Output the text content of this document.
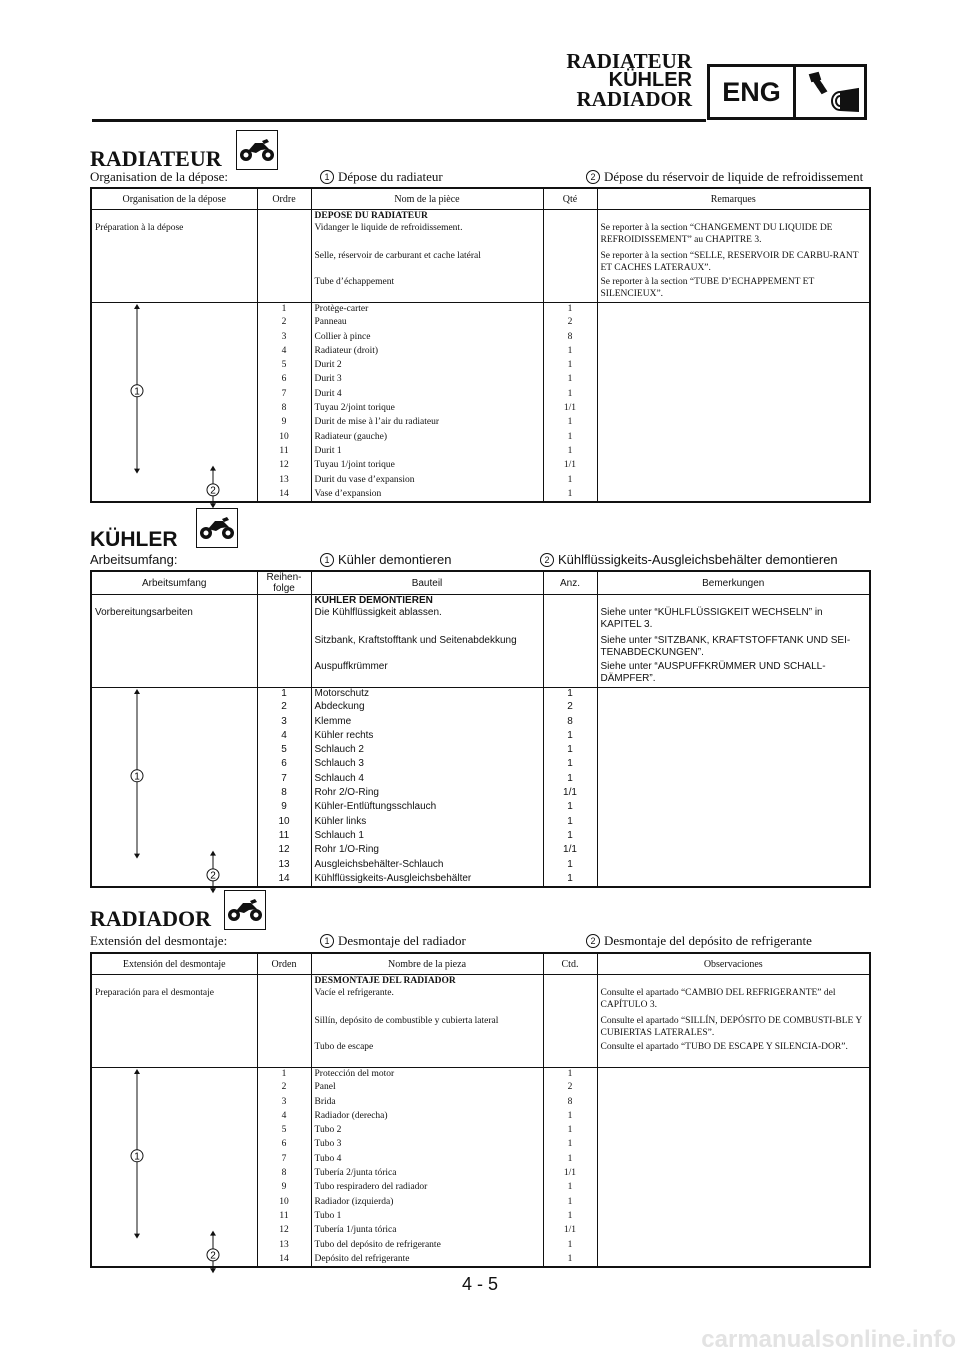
RADIATEUR
KÜHLER
RADIADOR	ENG
RADIATEUR
Organisation de la dépose:	1 Dépose du radiateur	2 Dépose du réservoir de liquide de refroidissement
Organisation de la dépose	Ordre	Nom de la pièce	Qté	Remarques
		DEPOSE DU RADIATEUR		
Préparation à la dépose		Vidanger le liquide de refroidissement.		Se reporter à la section “CHANGEMENT DU LIQUIDE DE REFROIDISSEMENT” au CHAPITRE 3.
		Selle, réservoir de carburant et cache latéral		Se reporter à la section “SELLE, RESERVOIR DE CARBU-RANT ET CACHES LATERAUX”.
		Tube d’échappement		Se reporter à la section “TUBE D’ECHAPPEMENT ET SILENCIEUX”.

1
2	1	Protège-carter	1	
	2	Panneau	2	
	3	Collier à pince	8	
	4	Radiateur (droit)	1	
	5	Durit 2	1	
	6	Durit 3	1	
	7	Durit 4	1	
	8	Tuyau 2/joint torique	1/1	
	9	Durit de mise à l’air du radiateur	1	
	10	Radiateur (gauche)	1	
	11	Durit 1	1	
	12	Tuyau 1/joint torique	1/1	
	13	Durit du vase d’expansion	1	
	14	Vase d’expansion	1	
KÜHLER
Arbeitsumfang:	1 Kühler demontieren	2 Kühlflüssigkeits-Ausgleichsbehälter demontieren
Arbeitsumfang	Reihen-folge	Bauteil	Anz.	Bemerkungen
		KÜHLER DEMONTIEREN		
Vorbereitungsarbeiten		Die Kühlflüssigkeit ablassen.		Siehe unter “KÜHLFLÜSSIGKEIT WECHSELN” in KAPITEL 3.
		Sitzbank, Kraftstofftank und Seitenabdekkung		Siehe unter “SITZBANK, KRAFTSTOFFTANK UND SEI-TENABDECKUNGEN”.
		Auspuffkrümmer		Siehe unter “AUSPUFFKRÜMMER UND SCHALL-DÄMPFER”.

1
2	1	Motorschutz	1	
	2	Abdeckung	2	
	3	Klemme	8	
	4	Kühler rechts	1	
	5	Schlauch 2	1	
	6	Schlauch 3	1	
	7	Schlauch 4	1	
	8	Rohr 2/O-Ring	1/1	
	9	Kühler-Entlüftungsschlauch	1	
	10	Kühler links	1	
	11	Schlauch 1	1	
	12	Rohr 1/O-Ring	1/1	
	13	Ausgleichsbehälter-Schlauch	1	
	14	Kühlflüssigkeits-Ausgleichsbehälter	1	
RADIADOR
Extensión del desmontaje:	1 Desmontaje del radiador	2 Desmontaje del depósito de refrigerante
Extensión del desmontaje	Orden	Nombre de la pieza	Ctd.	Observaciones
		DESMONTAJE DEL RADIADOR		
Preparación para el desmontaje		Vacíe el refrigerante.		Consulte el apartado “CAMBIO DEL REFRIGERANTE” del CAPÍTULO 3.
		Sillín, depósito de combustible y cubierta lateral		Consulte el apartado “SILLÍN, DEPÓSITO DE COMBUSTI-BLE Y CUBIERTAS LATERALES”.
		Tubo de escape		Consulte el apartado “TUBO DE ESCAPE Y SILENCIA-DOR”.

1
2	1	Protección del motor	1	
	2	Panel	2	
	3	Brida	8	
	4	Radiador (derecha)	1	
	5	Tubo 2	1	
	6	Tubo 3	1	
	7	Tubo 4	1	
	8	Tubería 2/junta tórica	1/1	
	9	Tubo respiradero del radiador	1	
	10	Radiador (izquierda)	1	
	11	Tubo 1	1	
	12	Tubería 1/junta tórica	1/1	
	13	Tubo del depósito de refrigerante	1	
	14	Depósito del refrigerante	1	
4 - 5
carmanualsonline.info
